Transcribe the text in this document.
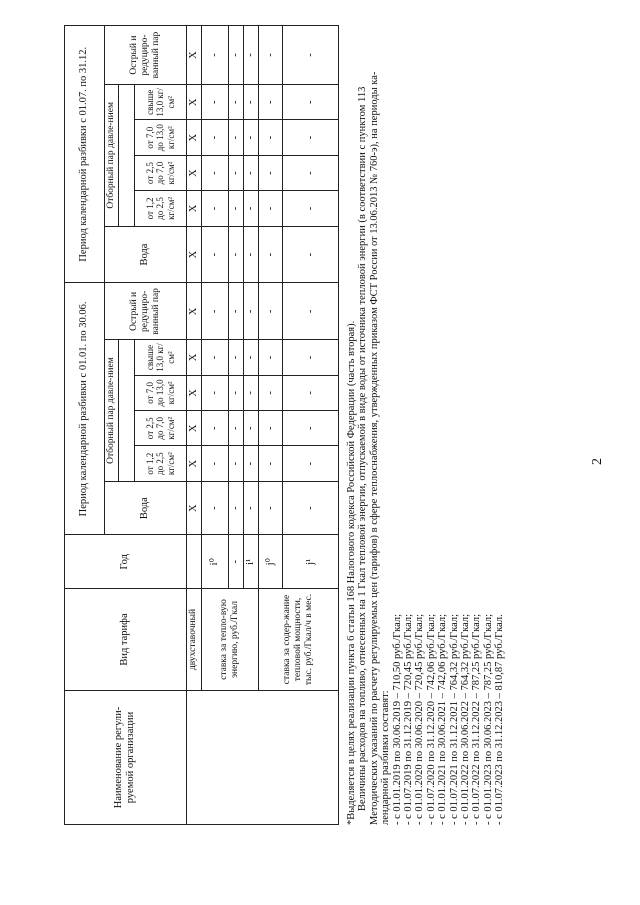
2
Наименование регули-руемой организации	Вид тарифа	Год	Период календарной разбивки с 01.01. по 30.06.						Период календарной разбивки с 01.07. по 31.12.					
			Вода	Отборный пар давле-нием				Острый и редуциро-ванный пар	Вода	Отборный пар давле-нием				Острый и редуциро-ванный пар

				от 1,2 до 2,5 кг/см²	от 2,5 до 7,0 кг/см²	от 7,0 до 13,0 кг/см²	свыше 13,0 кг/см²			от 1,2 до 2,5 кг/см²	от 2,5 до 7,0 кг/см²	от 7,0 до 13,0 кг/см²	свыше 13,0 кг/см²	
	двухставочный		X	X	X	X	X	X	X	X	X	X	X	X
	ставка за тепло-вую энергию, руб./Гкал	i⁰	-	-	-	-	-	-	-	-	-	-	-	-
		-	-	-	-	-	-	-	-	-	-	-	-	-
		i¹	-	-	-	-	-	-	-	-	-	-	-	-
	ставка за содер-жание тепловой мощности, тыс. руб./Гкал/ч в мес.	j⁰	-	-	-	-	-	-	-	-	-	-	-	-
		j¹	-	-	-	-	-	-	-	-	-	-	-	-
*Выделяется в целях реализации пункта 6 статьи 168 Налогового кодекса Российской Федерации (часть вторая). Величины расходов на топливо, отнесенных на 1 Гкал тепловой энергии, отпускаемой в виде воды от источника тепловой энергии (в соответствии с пунктом 113 Методических указаний по расчету регулируемых цен (тарифов) в сфере теплоснабжения, утвержденных приказом ФСТ России от 13.06.2013 № 760-э), на периоды ка- лендарной разбивки составят: - с 01.01.2019 по 30.06.2019 – 710,50 руб./Гкал; - с 01.07.2019 по 31.12.2019 – 720,45 руб./Гкал; - с 01.01.2020 по 30.06.2020 – 720,45 руб./Гкал; - с 01.07.2020 по 31.12.2020 – 742,06 руб./Гкал; - с 01.01.2021 по 30.06.2021 – 742,06 руб./Гкал; - с 01.07.2021 по 31.12.2021 – 764,32 руб./Гкал; - с 01.01.2022 по 30.06.2022 – 764,32 руб./Гкал; - с 01.07.2022 по 31.12.2022 – 787,25 руб./Гкал; - с 01.01.2023 по 30.06.2023 – 787,25 руб./Гкал; - с 01.07.2023 по 31.12.2023 – 810,87 руб./Гкал.
